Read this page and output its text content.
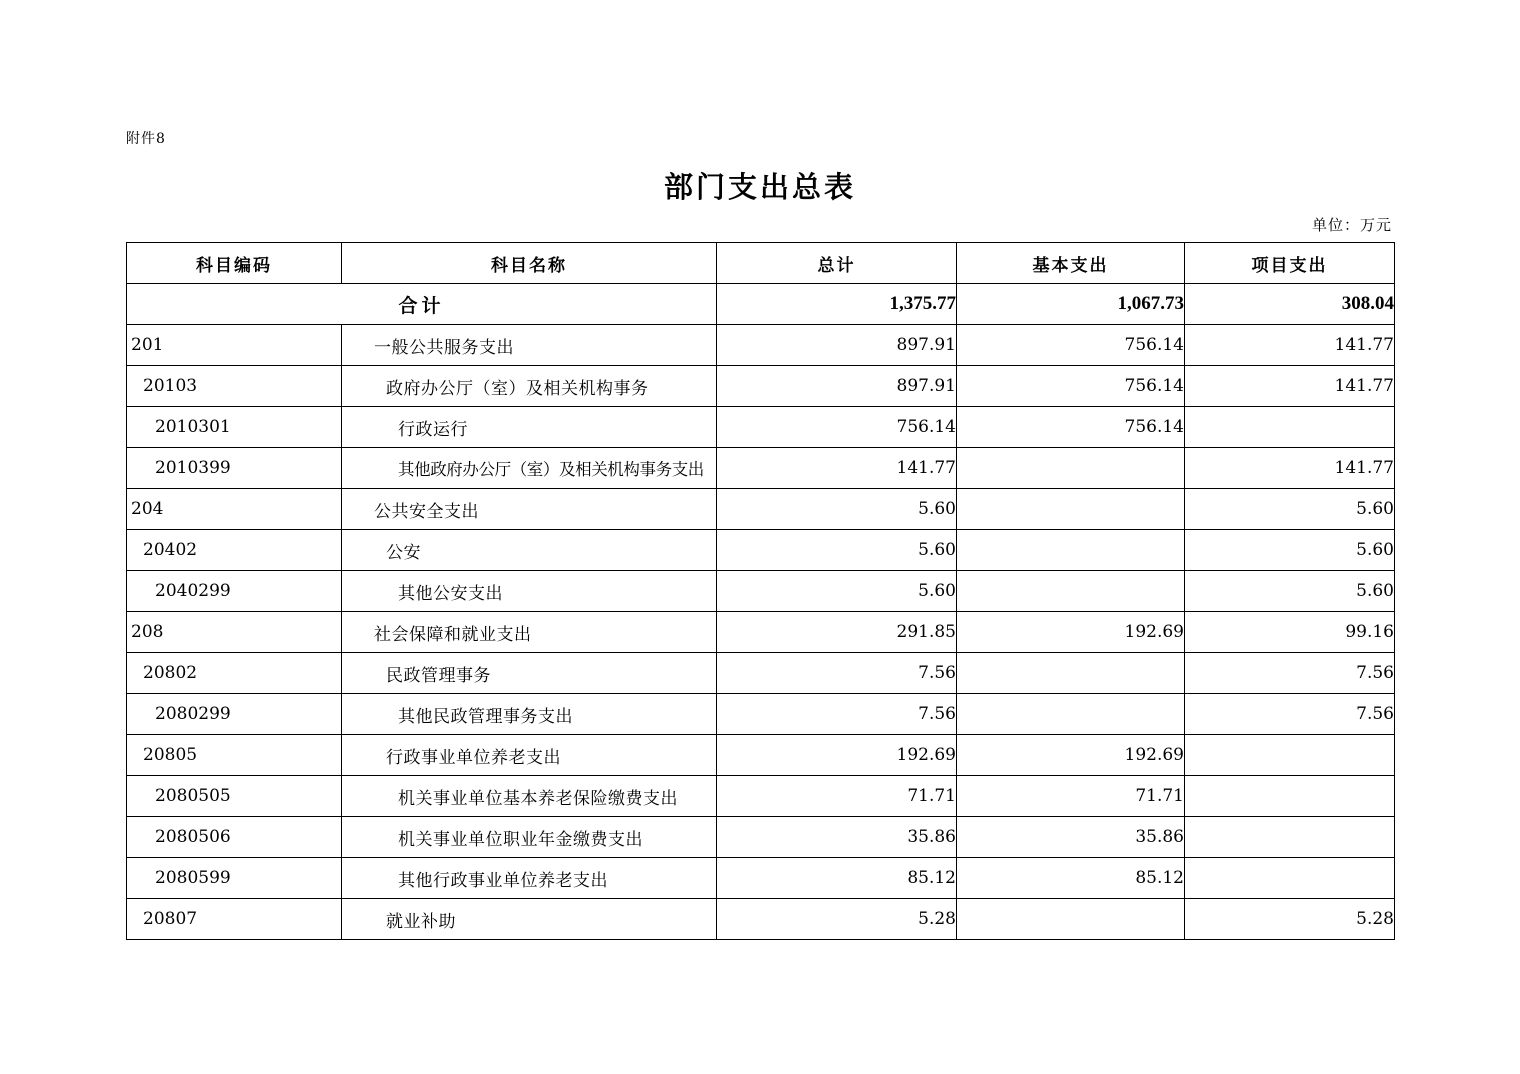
附件8
部门支出总表
单位：万元
科目编码	科目名称	总计	基本支出	项目支出
合计		1,375.77	1,067.73	308.04
201	一般公共服务支出	897.91	756.14	141.77
20103	政府办公厅（室）及相关机构事务	897.91	756.14	141.77
2010301	行政运行	756.14	756.14	
2010399	其他政府办公厅（室）及相关机构事务支出	141.77		141.77
204	公共安全支出	5.60		5.60
20402	公安	5.60		5.60
2040299	其他公安支出	5.60		5.60
208	社会保障和就业支出	291.85	192.69	99.16
20802	民政管理事务	7.56		7.56
2080299	其他民政管理事务支出	7.56		7.56
20805	行政事业单位养老支出	192.69	192.69	
2080505	机关事业单位基本养老保险缴费支出	71.71	71.71	
2080506	机关事业单位职业年金缴费支出	35.86	35.86	
2080599	其他行政事业单位养老支出	85.12	85.12	
20807	就业补助	5.28		5.28
